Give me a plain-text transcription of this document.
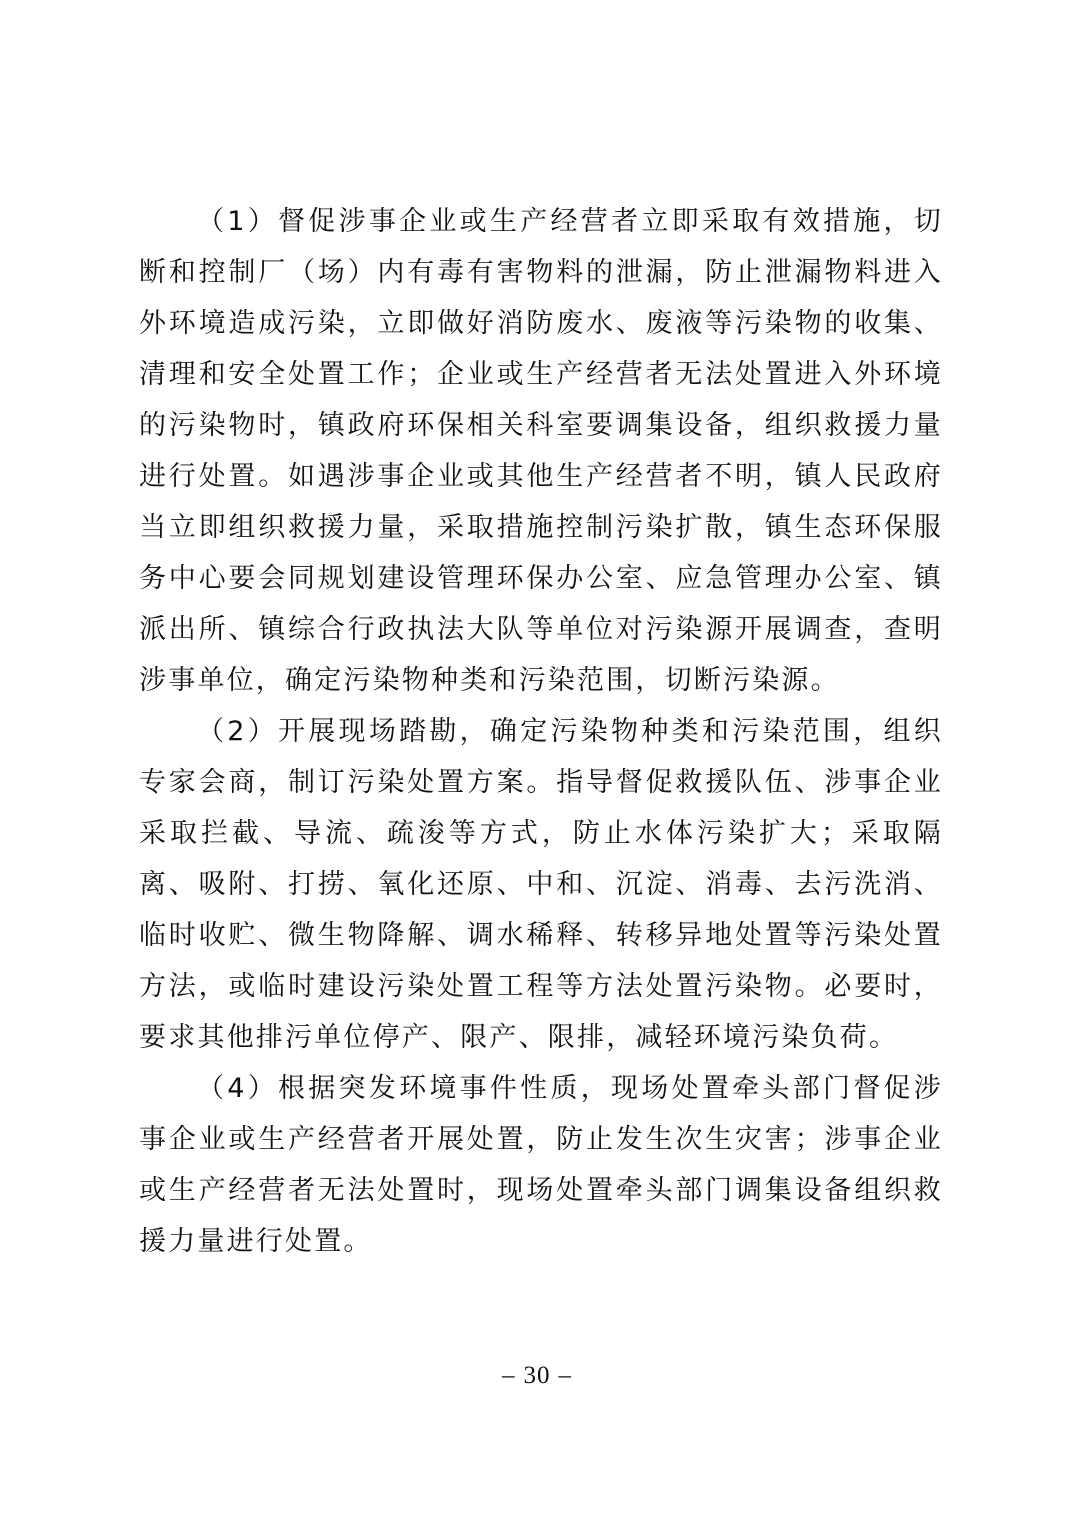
（1）督促涉事企业或生产经营者立即采取有效措施，切断和控制厂（场）内有毒有害物料的泄漏，防止泄漏物料进入外环境造成污染，立即做好消防废水、废液等污染物的收集、清理和安全处置工作；企业或生产经营者无法处置进入外环境的污染物时，镇政府环保相关科室要调集设备，组织救援力量进行处置。如遇涉事企业或其他生产经营者不明，镇人民政府当立即组织救援力量，采取措施控制污染扩散，镇生态环保服务中心要会同规划建设管理环保办公室、应急管理办公室、镇派出所、镇综合行政执法大队等单位对污染源开展调查，查明涉事单位，确定污染物种类和污染范围，切断污染源。

（2）开展现场踏勘，确定污染物种类和污染范围，组织专家会商，制订污染处置方案。指导督促救援队伍、涉事企业采取拦截、导流、疏浚等方式，防止水体污染扩大；采取隔离、吸附、打捞、氧化还原、中和、沉淀、消毒、去污洗消、临时收贮、微生物降解、调水稀释、转移异地处置等污染处置方法，或临时建设污染处置工程等方法处置污染物。必要时，要求其他排污单位停产、限产、限排，减轻环境污染负荷。

（4）根据突发环境事件性质，现场处置牵头部门督促涉事企业或生产经营者开展处置，防止发生次生灾害；涉事企业或生产经营者无法处置时，现场处置牵头部门调集设备组织救援力量进行处置。

– 30 –
